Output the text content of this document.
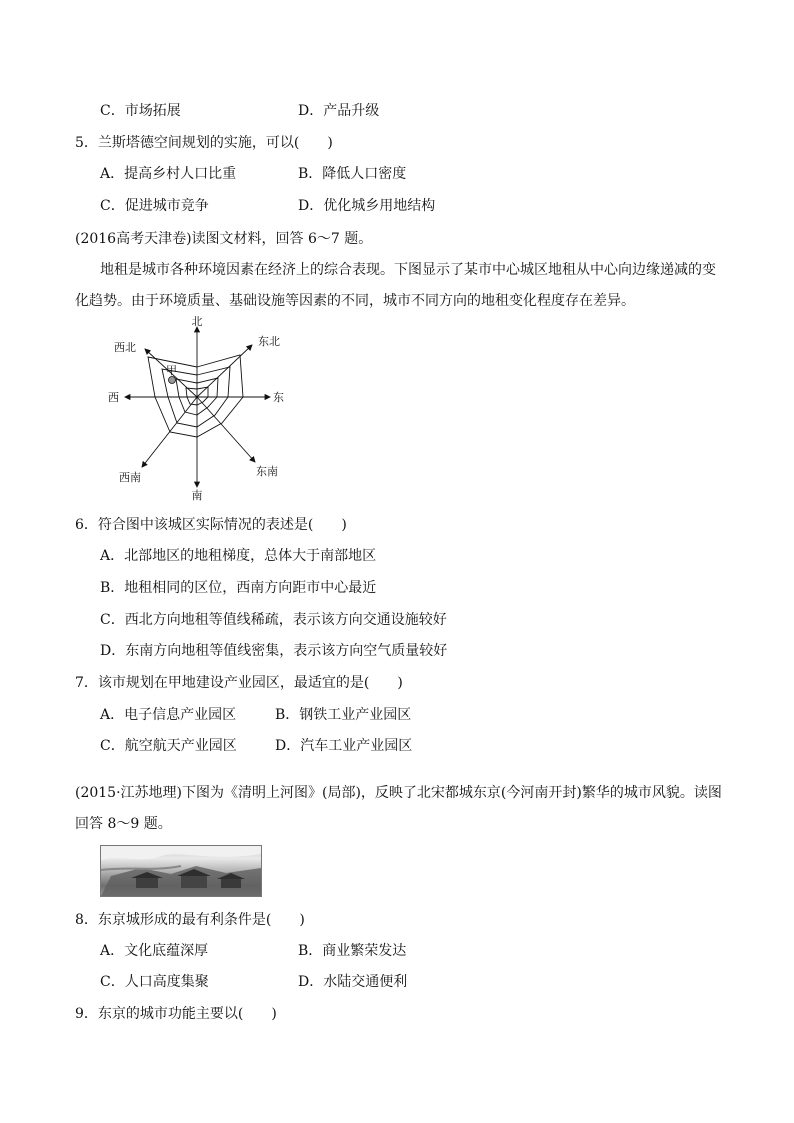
C．市场拓展	D．产品升级
5．兰斯塔德空间规划的实施，可以(　　)
A．提高乡村人口比重	B．降低人口密度
C．促进城市竞争	D．优化城乡用地结构
(2016高考天津卷)读图文材料，回答 6～7 题。
地租是城市各种环境因素在经济上的综合表现。下图显示了某市中心城区地租从中心向边缘递减的变化趋势。由于环境质量、基础设施等因素的不同，城市不同方向的地租变化程度存在差异。
北
东北
东
东南
南
西南
西
西北
甲
6．符合图中该城区实际情况的表述是(　　)
A．北部地区的地租梯度，总体大于南部地区
B．地租相同的区位，西南方向距市中心最近
C．西北方向地租等值线稀疏，表示该方向交通设施较好
D．东南方向地租等值线密集，表示该方向空气质量较好
7．该市规划在甲地建设产业园区，最适宜的是(　　)
A．电子信息产业园区	B．钢铁工业产业园区
C．航空航天产业园区	D．汽车工业产业园区
(2015·江苏地理)下图为《清明上河图》(局部)，反映了北宋都城东京(今河南开封)繁华的城市风貌。读图回答 8～9 题。
8．东京城形成的最有利条件是(　　)
A．文化底蕴深厚	B．商业繁荣发达
C．人口高度集聚	D．水陆交通便利
9．东京的城市功能主要以(　　)
